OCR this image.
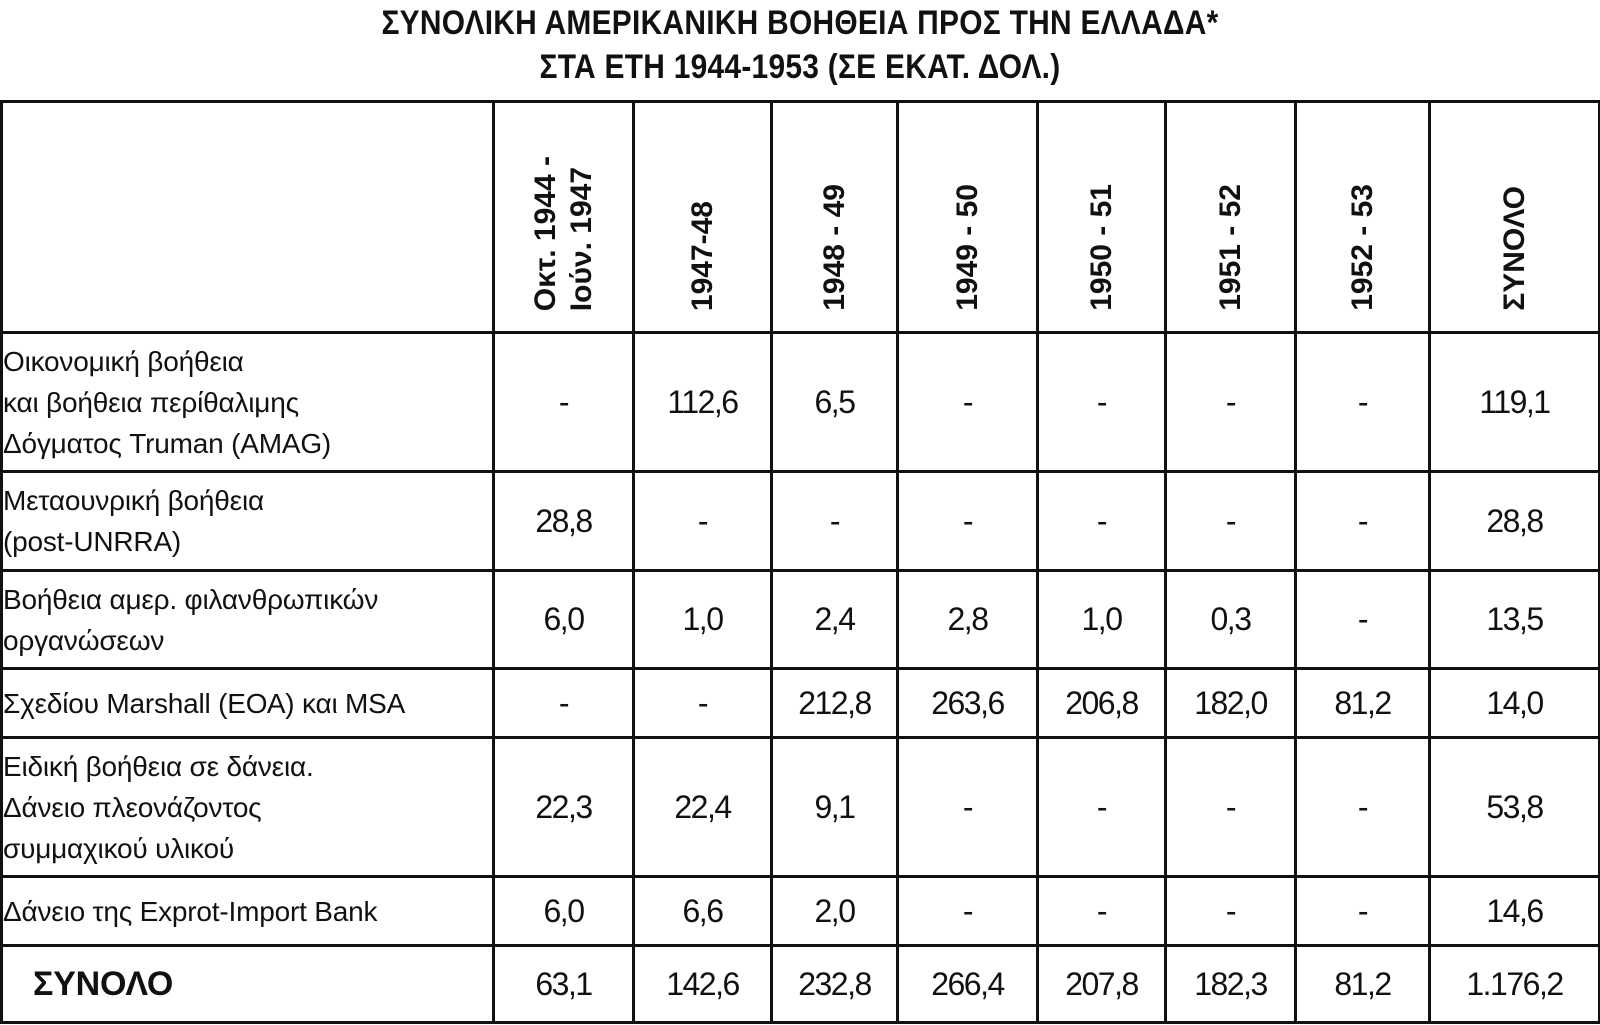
ΣΥΝΟΛΙΚΗ ΑΜΕΡΙΚΑΝΙΚΗ ΒΟΗΘΕΙΑ ΠΡΟΣ ΤΗΝ ΕΛΛΑΔΑ*
ΣΤΑ ΕΤΗ 1944-1953 (ΣΕ ΕΚΑΤ. ΔΟΛ.)

	Οκτ. 1944 - Ιούν. 1947	1947-48	1948 - 49	1949 - 50	1950 - 51	1951 - 52	1952 - 53	ΣΥΝΟΛΟ

Οικονομική βοήθεια
και βοήθεια περίθαλιμης
Δόγματος Truman (AMAG)	-	112,6	6,5	-	-	-	-	119,1

Μεταουνρική βοήθεια
(post-UNRRA)	28,8	-	-	-	-	-	-	28,8

Βοήθεια αμερ. φιλανθρωπικών
οργανώσεων	6,0	1,0	2,4	2,8	1,0	0,3	-	13,5

Σχεδίου Marshall (ΕΟΑ) και MSA	-	-	212,8	263,6	206,8	182,0	81,2	14,0

Ειδική βοήθεια σε δάνεια.
Δάνειο πλεονάζοντος
συμμαχικού υλικού	22,3	22,4	9,1	-	-	-	-	53,8

Δάνειο της Exprot-Import Bank	6,0	6,6	2,0	-	-	-	-	14,6
ΣΥΝΟΛΟ	63,1	142,6	232,8	266,4	207,8	182,3	81,2	1.176,2
